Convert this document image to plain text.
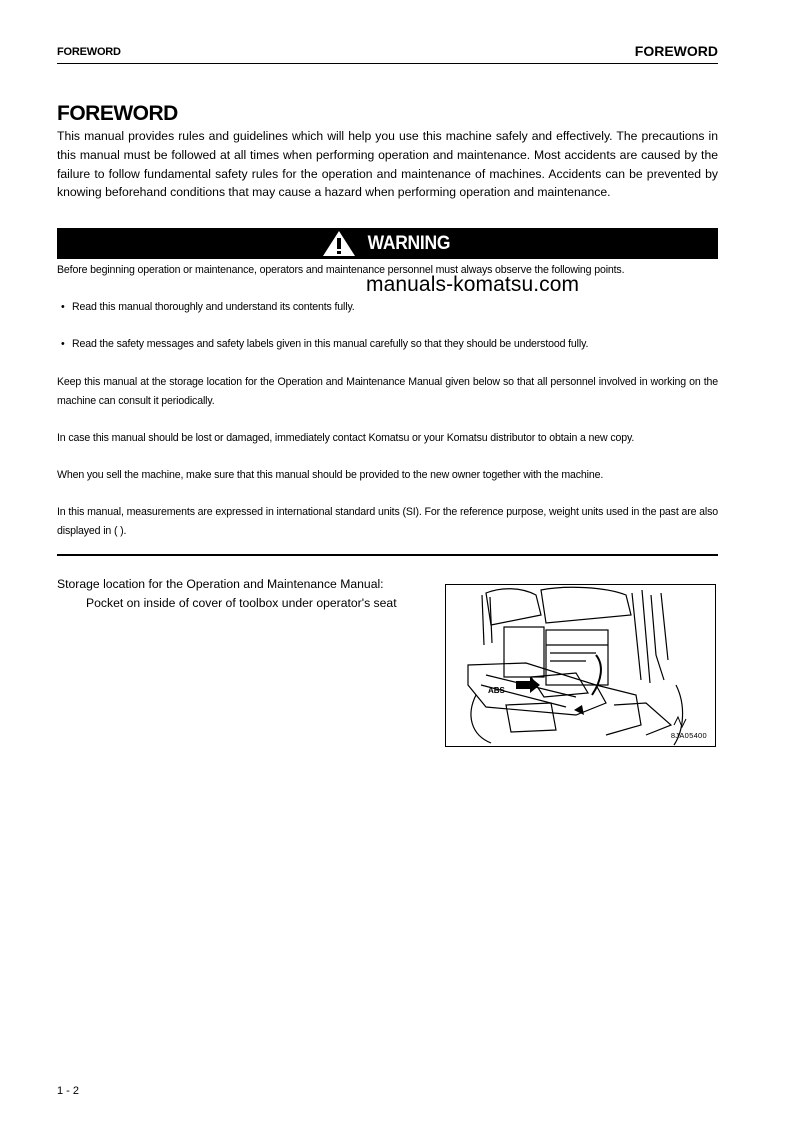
FOREWORD	FOREWORD
FOREWORD

This manual provides rules and guidelines which will help you use this machine safely and effectively. The precautions in this manual must be followed at all times when performing operation and maintenance. Most accidents are caused by the failure to follow fundamental safety rules for the operation and maintenance of machines. Accidents can be prevented by knowing beforehand conditions that may cause a hazard when performing operation and maintenance.

WARNING

Before beginning operation or maintenance, operators and maintenance personnel must always observe the following points.

manuals-komatsu.com
• Read this manual thoroughly and understand its contents fully.
• Read the safety messages and safety labels given in this manual carefully so that they should be understood fully.

Keep this manual at the storage location for the Operation and Maintenance Manual given below so that all personnel involved in working on the machine can consult it periodically.

In case this manual should be lost or damaged, immediately contact Komatsu or your Komatsu distributor to obtain a new copy.

When you sell the machine, make sure that this manual should be provided to the new owner together with the machine.

In this manual, measurements are expressed in international standard units (SI). For the reference purpose, weight units used in the past are also displayed in ( ).

Storage location for the Operation and Maintenance Manual:
Pocket on inside of cover of toolbox under operator's seat
ABS
8JA05400
1 - 2
